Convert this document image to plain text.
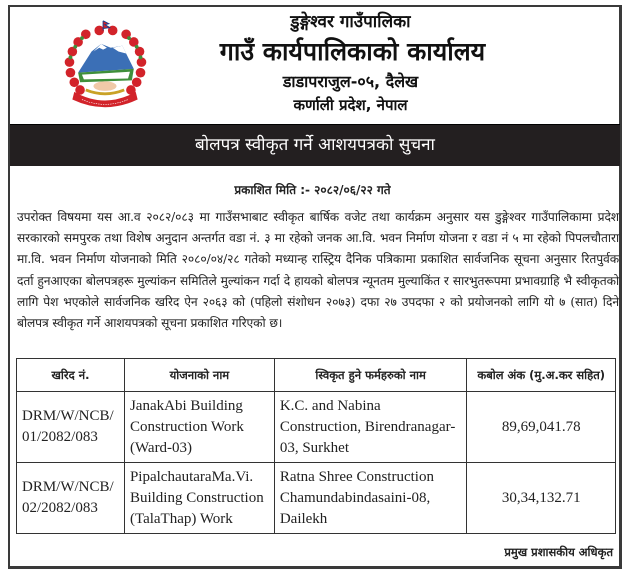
डुङ्गेश्वर गाउँपालिका
गाउँ कार्यपालिकाको कार्यालय
डाडापराजुल-०५, दैलेख
कर्णाली प्रदेश, नेपाल
बोलपत्र स्वीकृत गर्ने आशयपत्रको सुचना
प्रकाशित मिति :- २०८२/०६/२२ गते
उपरोक्त विषयमा यस आ.व २०८२/०८३ मा गाउँसभाबाट स्वीकृत बार्षिक वजेट तथा कार्यक्रम अनुसार यस डुङ्गेश्वर गाउँपालिकामा प्रदेश सरकारको समपुरक तथा विशेष अनुदान अन्तर्गत वडा नं. ३ मा रहेको जनक आ.वि. भवन निर्माण योजना र वडा नं ५ मा रहेको पिपलचौतारा मा.वि. भवन निर्माण योजनाको मिति २०८०/०४/२८ गतेको मध्यान्ह रास्ट्रिय दैनिक पत्रिकामा प्रकाशित सार्वजनिक सूचना अनुसार रितपुर्वक दर्ता हुनआएका बोलपत्रहरू मुल्यांकन समितिले मुल्यांकन गर्दा दे हायको बोलपत्र न्यूनतम मुल्याकिंत र सारभुतरूपमा प्रभावग्राहि भै स्वीकृतको लागि पेश भएकोले सार्वजनिक खरिद ऐन २०६३ को (पहिलो संशोधन २०७३) दफा २७ उपदफा २ को प्रयोजनको लागि यो ७ (सात) दिने बोलपत्र स्वीकृत गर्ने आशयपत्रको सूचना प्रकाशित गरिएको छ।
खरिद नं.	योजनाको नाम	स्विकृत हुने फर्महरुको नाम	कबोल अंक (मु.अ.कर सहित)
DRM/W/NCB/ 01/2082/083	JanakAbi Building Construction Work (Ward-03)	K.C. and Nabina Construction, Birendranagar-03, Surkhet	89,69,041.78
DRM/W/NCB/ 02/2082/083	PipalchautaraMa.Vi. Building Construction (TalaThap) Work	Ratna Shree Construction Chamundabindasaini-08, Dailekh	30,34,132.71
प्रमुख प्रशासकीय अधिकृत
